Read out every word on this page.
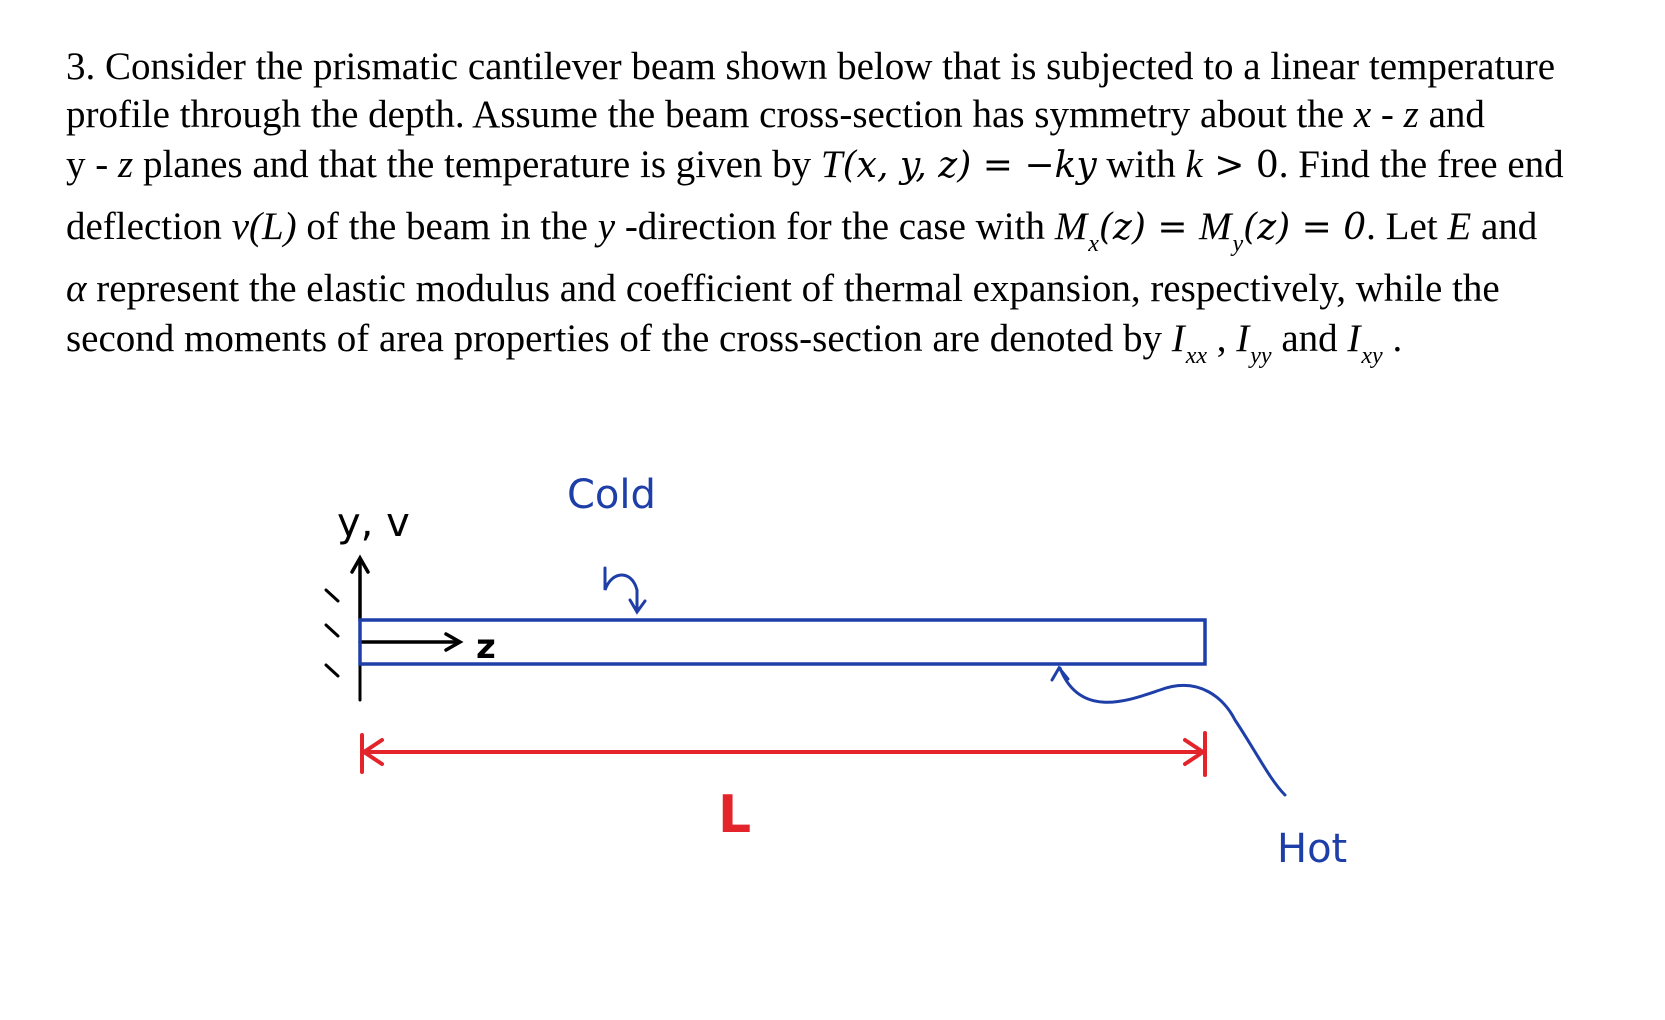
3. Consider the prismatic cantilever beam shown below that is subjected to a linear temperature
profile through the depth. Assume the beam cross-section has symmetry about the x - z and
y - z planes and that the temperature is given by T(x, y, z) = −ky with k > 0. Find the free end
deflection v(L) of the beam in the y -direction for the case with $M_x(z) = M_y(z) = 0$. Let E and
α represent the elastic modulus and coefficient of thermal expansion, respectively, while the
second moments of area properties of the cross-section are denoted by $I_{xx}$ , $I_{yy}$ and $I_{xy}$ .
y, v
z
Cold
Hot
L
